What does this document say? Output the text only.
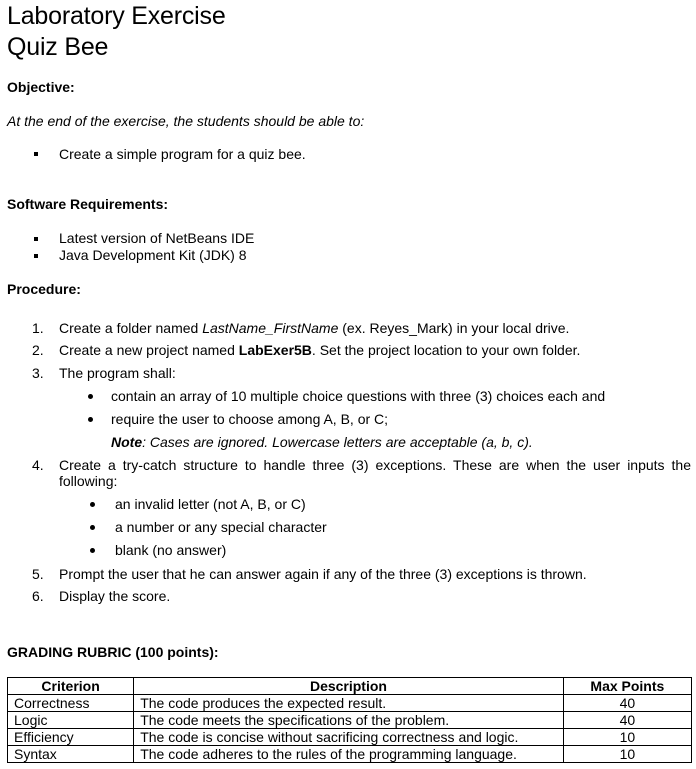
Laboratory Exercise
Quiz Bee
Objective:
At the end of the exercise, the students should be able to:
Create a simple program for a quiz bee.
Software Requirements:
Latest version of NetBeans IDE
Java Development Kit (JDK) 8
Procedure:
1. Create a folder named LastName_FirstName (ex. Reyes_Mark) in your local drive.
2. Create a new project named LabExer5B. Set the project location to your own folder.
3. The program shall:
contain an array of 10 multiple choice questions with three (3) choices each and
require the user to choose among A, B, or C;
Note: Cases are ignored. Lowercase letters are acceptable (a, b, c).
4. Create a try-catch structure to handle three (3) exceptions. These are when the user inputs the
following:
an invalid letter (not A, B, or C)
a number or any special character
blank (no answer)
5. Prompt the user that he can answer again if any of the three (3) exceptions is thrown.
6. Display the score.
GRADING RUBRIC (100 points):
Criterion	Description	Max Points
Correctness	The code produces the expected result.	40
Logic	The code meets the specifications of the problem.	40
Efficiency	The code is concise without sacrificing correctness and logic.	10
Syntax	The code adheres to the rules of the programming language.	10
